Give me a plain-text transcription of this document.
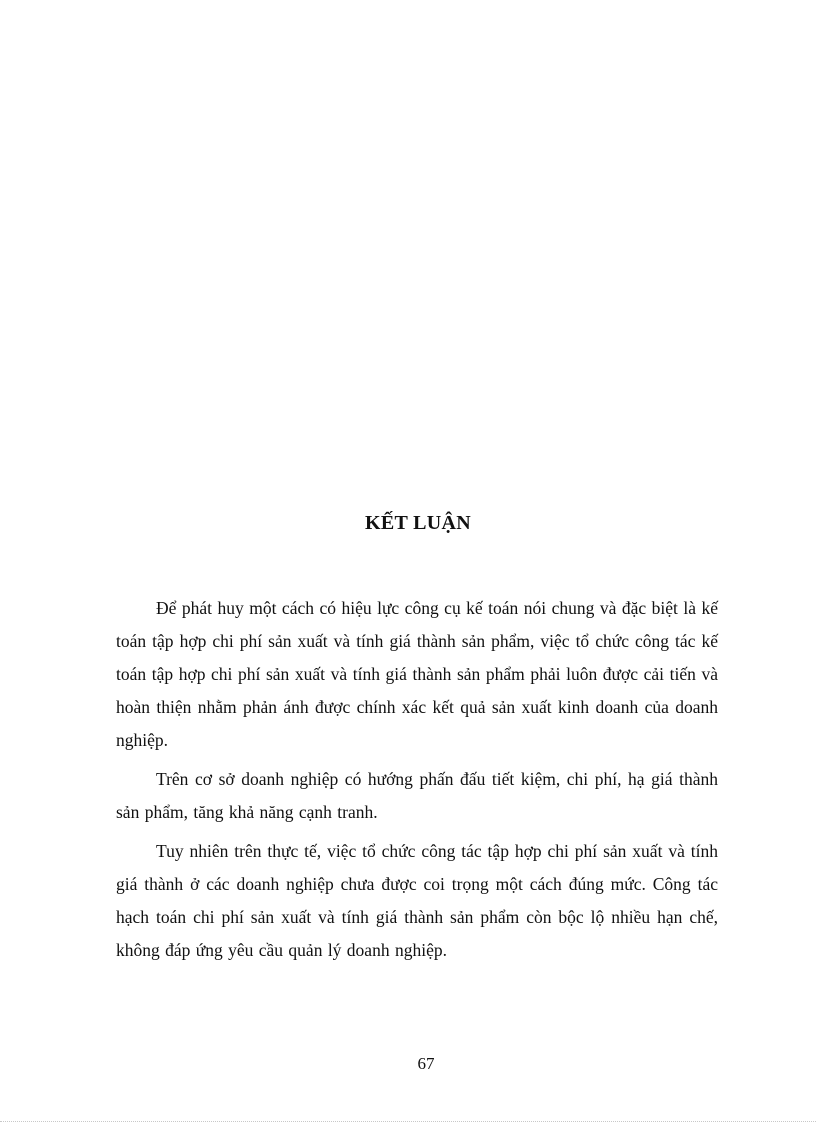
KẾT LUẬN

Để phát huy một cách có hiệu lực công cụ kế toán nói chung và đặc biệt là kế toán tập hợp chi phí sản xuất và tính giá thành sản phẩm, việc tổ chức công tác kế toán tập hợp chi phí sản xuất và tính giá thành sản phẩm phải luôn được cải tiến và hoàn thiện nhằm phản ánh được chính xác kết quả sản xuất kinh doanh của doanh nghiệp.

Trên cơ sở doanh nghiệp có hướng phấn đấu tiết kiệm, chi phí, hạ giá thành sản phẩm, tăng khả năng cạnh tranh.

Tuy nhiên trên thực tế, việc tổ chức công tác tập hợp chi phí sản xuất và tính giá thành ở các doanh nghiệp chưa được coi trọng một cách đúng mức. Công tác hạch toán chi phí sản xuất và tính giá thành sản phẩm còn bộc lộ nhiều hạn chế, không đáp ứng yêu cầu quản lý doanh nghiệp.

67
